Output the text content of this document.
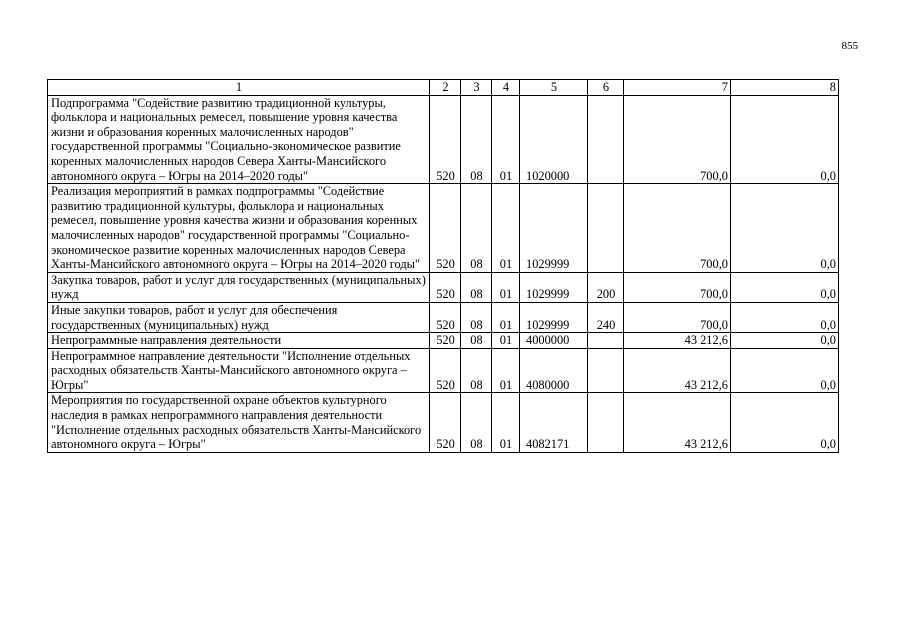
855
1	2	3	4	5	6	7	8
Подпрограмма "Содействие развитию традиционной культуры, фольклора и национальных ремесел, повышение уровня качества жизни и образования коренных малочисленных народов" государственной программы "Социально-экономическое развитие коренных малочисленных народов Севера Ханты-Мансийского автономного округа – Югры на 2014–2020 годы"	520	08	01	1020000		700,0	0,0
Реализация мероприятий в рамках подпрограммы "Содействие развитию традиционной культуры, фольклора и национальных ремесел, повышение уровня качества жизни и образования коренных малочисленных народов" государственной программы "Социально-экономическое развитие коренных малочисленных народов Севера Ханты-Мансийского автономного округа – Югры на 2014–2020 годы"	520	08	01	1029999		700,0	0,0
Закупка товаров, работ и услуг для государственных (муниципальных) нужд	520	08	01	1029999	200	700,0	0,0
Иные закупки товаров, работ и услуг для обеспечения государственных (муниципальных) нужд	520	08	01	1029999	240	700,0	0,0
Непрограммные направления деятельности	520	08	01	4000000		43 212,6	0,0
Непрограммное направление деятельности "Исполнение отдельных расходных обязательств Ханты-Мансийского автономного округа – Югры"	520	08	01	4080000		43 212,6	0,0
Мероприятия по государственной охране объектов культурного наследия в рамках непрограммного направления деятельности "Исполнение отдельных расходных обязательств Ханты-Мансийского автономного округа – Югры"	520	08	01	4082171		43 212,6	0,0
